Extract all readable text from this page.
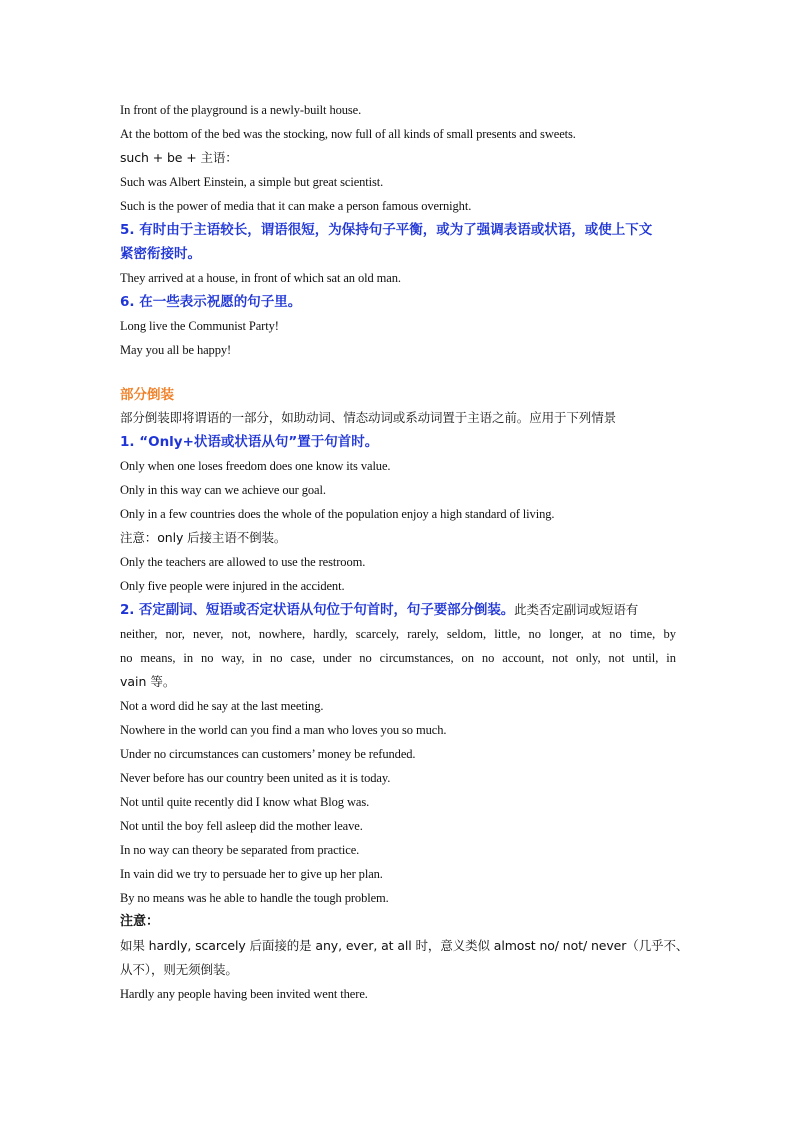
In front of the playground is a newly-built house.
At the bottom of the bed was the stocking, now full of all kinds of small presents and sweets.
such + be + 主语：
Such was Albert Einstein, a simple but great scientist.
Such is the power of media that it can make a person famous overnight.
5. 有时由于主语较长，谓语很短，为保持句子平衡，或为了强调表语或状语，或使上下文
紧密衔接时。
They arrived at a house, in front of which sat an old man.
6. 在一些表示祝愿的句子里。
Long live the Communist Party!
May you all be happy!
部分倒装
部分倒装即将谓语的一部分，如助动词、情态动词或系动词置于主语之前。应用于下列情景
1. “Only+状语或状语从句”置于句首时。
Only when one loses freedom does one know its value.
Only in this way can we achieve our goal.
Only in a few countries does the whole of the population enjoy a high standard of living.
注意：only 后接主语不倒装。
Only the teachers are allowed to use the restroom.
Only five people were injured in the accident.
2. 否定副词、短语或否定状语从句位于句首时，句子要部分倒装。此类否定副词或短语有
neither, nor, never, not, nowhere, hardly, scarcely, rarely, seldom, little, no longer, at no time, by
no means, in no way, in no case, under no circumstances, on no account, not only, not until, in
vain 等。
Not a word did he say at the last meeting.
Nowhere in the world can you find a man who loves you so much.
Under no circumstances can customers’ money be refunded.
Never before has our country been united as it is today.
Not until quite recently did I know what Blog was.
Not until the boy fell asleep did the mother leave.
In no way can theory be separated from practice.
In vain did we try to persuade her to give up her plan.
By no means was he able to handle the tough problem.
注意：
如果 hardly, scarcely 后面接的是 any, ever, at all 时，意义类似 almost no/ not/ never（几乎不、
从不），则无须倒装。
Hardly any people having been invited went there.
